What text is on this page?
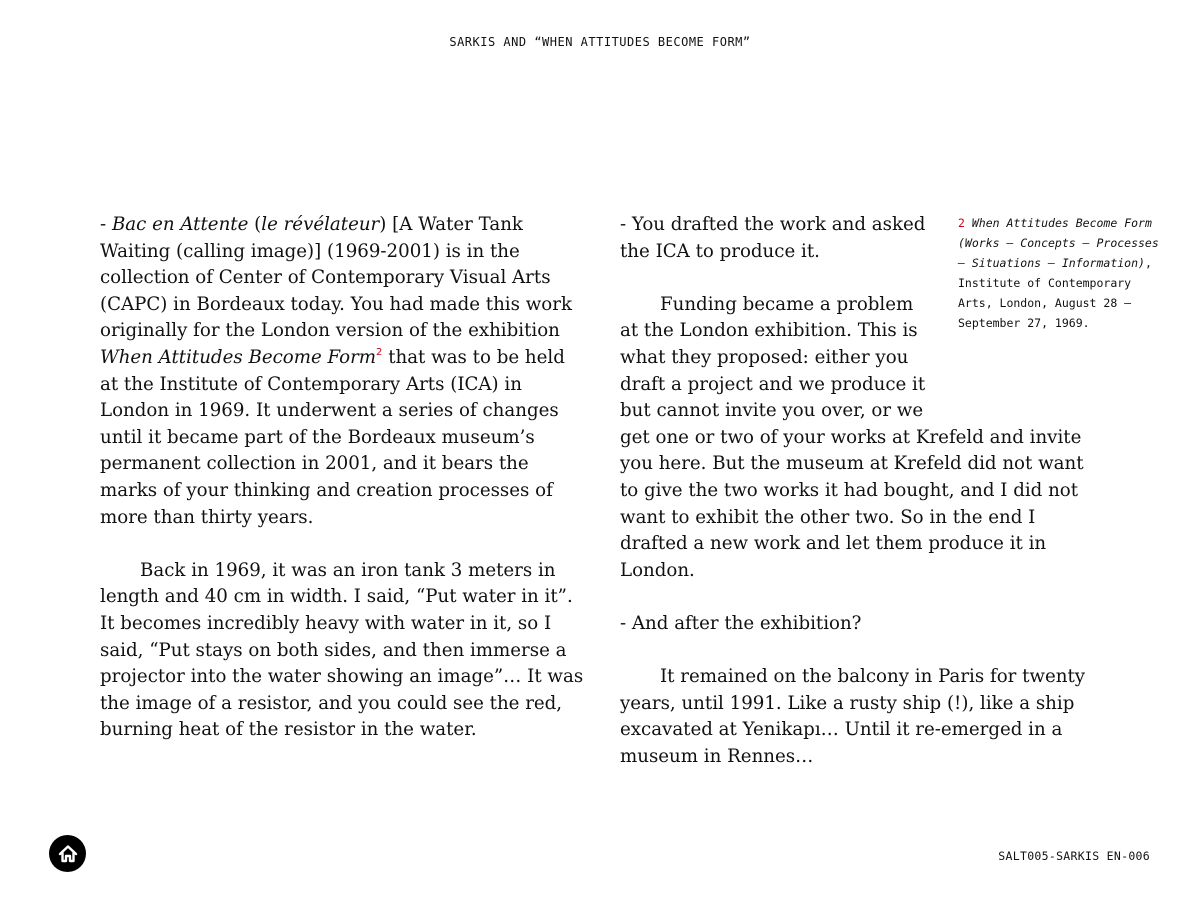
SARKIS AND “WHEN ATTITUDES BECOME FORM”

- Bac en Attente (le révélateur) [A Water Tank Waiting (calling image)] (1969-2001) is in the collection of Center of Contemporary Visual Arts (CAPC) in Bordeaux today. You had made this work originally for the London version of the exhibition When Attitudes Become Form$^2$ that was to be held at the Institute of Contemporary Arts (ICA) in London in 1969. It underwent a series of changes until it became part of the Bordeaux museum’s permanent collection in 2001, and it bears the marks of your thinking and creation processes of more than thirty years.

Back in 1969, it was an iron tank 3 meters in length and 40 cm in width. I said, “Put water in it”. It becomes incredibly heavy with water in it, so I said, “Put stays on both sides, and then immerse a projector into the water showing an image”… It was the image of a resistor, and you could see the red, burning heat of the resistor in the water.

- You drafted the work and asked the ICA to produce it.

Funding became a problem at the London exhibition. This is what they proposed: either you draft a project and we produce it but cannot invite you over, or we get one or two of your works at Krefeld and invite you here. But the museum at Krefeld did not want to give the two works it had bought, and I did not want to exhibit the other two. So in the end I drafted a new work and let them produce it in London.

- And after the exhibition?

It remained on the balcony in Paris for twenty years, until 1991. Like a rusty ship (!), like a ship excavated at Yenikapı… Until it re-emerged in a museum in Rennes…

2 When Attitudes Become Form (Works – Concepts – Processes – Situations – Information), Institute of Contemporary Arts, London, August 28 – September 27, 1969.
SALT005-SARKIS EN-006
